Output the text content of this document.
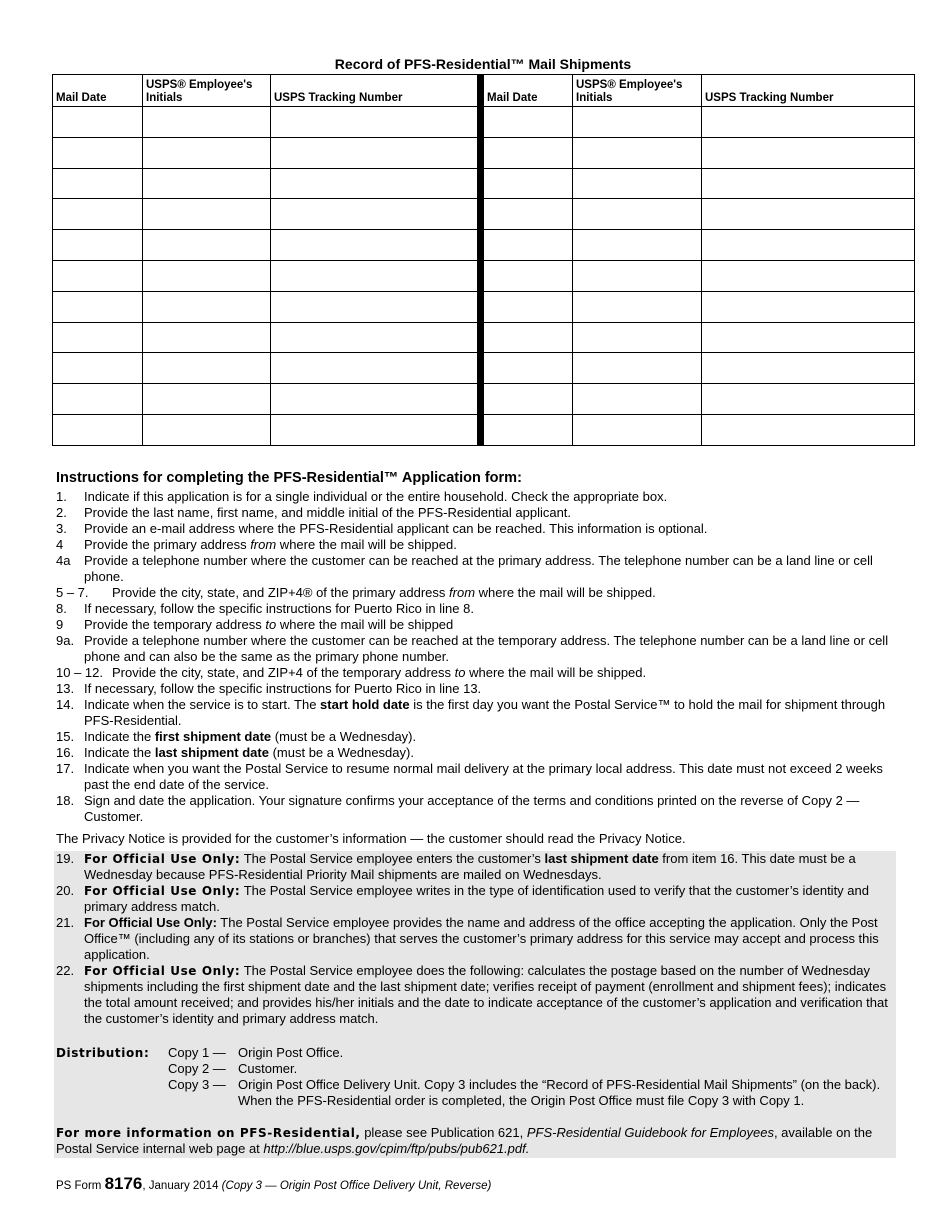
Record of PFS-Residential™ Mail Shipments
Mail Date	USPS® Employee's Initials	USPS Tracking Number	Mail Date	USPS® Employee's Initials	USPS Tracking Number

Instructions for completing the PFS-Residential™ Application form:
1.	Indicate if this application is for a single individual or the entire household. Check the appropriate box.
2.	Provide the last name, first name, and middle initial of the PFS-Residential applicant.
3.	Provide an e-mail address where the PFS-Residential applicant can be reached. This information is optional.
4	Provide the primary address from where the mail will be shipped.
4a	Provide a telephone number where the customer can be reached at the primary address. The telephone number can be a land line or cell phone.
5 – 7.	Provide the city, state, and ZIP+4® of the primary address from where the mail will be shipped.
8.	If necessary, follow the specific instructions for Puerto Rico in line 8.
9	Provide the temporary address to where the mail will be shipped
9a. Provide a telephone number where the customer can be reached at the temporary address. The telephone number can be a land line or cell phone and can also be the same as the primary phone number.
10 – 12. Provide the city, state, and ZIP+4 of the temporary address to where the mail will be shipped.
13. If necessary, follow the specific instructions for Puerto Rico in line 13.
14. Indicate when the service is to start. The start hold date is the first day you want the Postal Service™ to hold the mail for shipment through PFS-Residential.
15. Indicate the first shipment date (must be a Wednesday).
16. Indicate the last shipment date (must be a Wednesday).
17. Indicate when you want the Postal Service to resume normal mail delivery at the primary local address. This date must not exceed 2 weeks past the end date of the service.
18. Sign and date the application. Your signature confirms your acceptance of the terms and conditions printed on the reverse of Copy 2 — Customer.
The Privacy Notice is provided for the customer’s information — the customer should read the Privacy Notice.
19. For Official Use Only: The Postal Service employee enters the customer’s last shipment date from item 16. This date must be a Wednesday because PFS-Residential Priority Mail shipments are mailed on Wednesdays.
20. For Official Use Only: The Postal Service employee writes in the type of identification used to verify that the customer’s identity and primary address match.
21. For Official Use Only: The Postal Service employee provides the name and address of the office accepting the application. Only the Post Office™ (including any of its stations or branches) that serves the customer’s primary address for this service may accept and process this application.
22. For Official Use Only: The Postal Service employee does the following: calculates the postage based on the number of Wednesday shipments including the first shipment date and the last shipment date; verifies receipt of payment (enrollment and shipment fees); indicates the total amount received; and provides his/her initials and the date to indicate acceptance of the customer’s application and verification that the customer’s identity and primary address match.
Distribution:	Copy 1 — Origin Post Office.
Copy 2 — Customer.
Copy 3 — Origin Post Office Delivery Unit. Copy 3 includes the “Record of PFS-Residential Mail Shipments” (on the back). When the PFS-Residential order is completed, the Origin Post Office must file Copy 3 with Copy 1.
For more information on PFS-Residential, please see Publication 621, PFS-Residential Guidebook for Employees, available on the Postal Service internal web page at http://blue.usps.gov/cpim/ftp/pubs/pub621.pdf.
PS Form 8176, January 2014 (Copy 3 — Origin Post Office Delivery Unit, Reverse)
